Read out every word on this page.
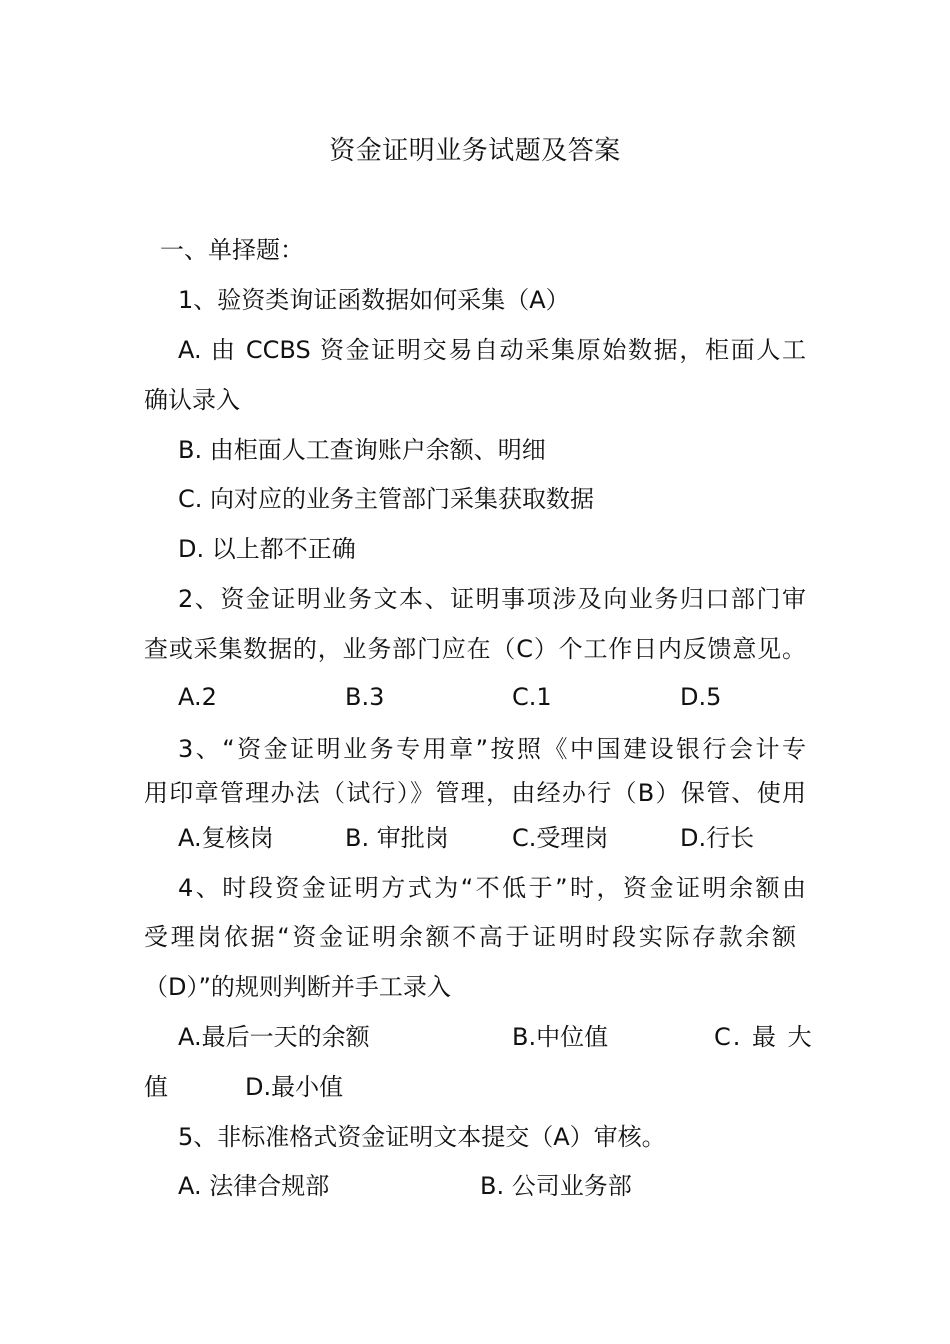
资金证明业务试题及答案
一、单择题：
1、验资类询证函数据如何采集（A）
A. 由 CCBS 资金证明交易自动采集原始数据，柜面人工
确认录入
B. 由柜面人工查询账户余额、明细
C. 向对应的业务主管部门采集获取数据
D. 以上都不正确
2、资金证明业务文本、证明事项涉及向业务归口部门审
查或采集数据的，业务部门应在（C）个工作日内反馈意见。
A.2	B.3	C.1	D.5
3、“资金证明业务专用章”按照《中国建设银行会计专
用印章管理办法（试行）》管理，由经办行（B）保管、使用
A.复核岗	B. 审批岗	C.受理岗	D.行长
4、时段资金证明方式为“不低于”时，资金证明余额由
受理岗依据“资金证明余额不高于证明时段实际存款余额
（D）”的规则判断并手工录入
A.最后一天的余额	B.中位值	C. 最 大
值	D.最小值
5、非标准格式资金证明文本提交（A）审核。
A. 法律合规部	B. 公司业务部
